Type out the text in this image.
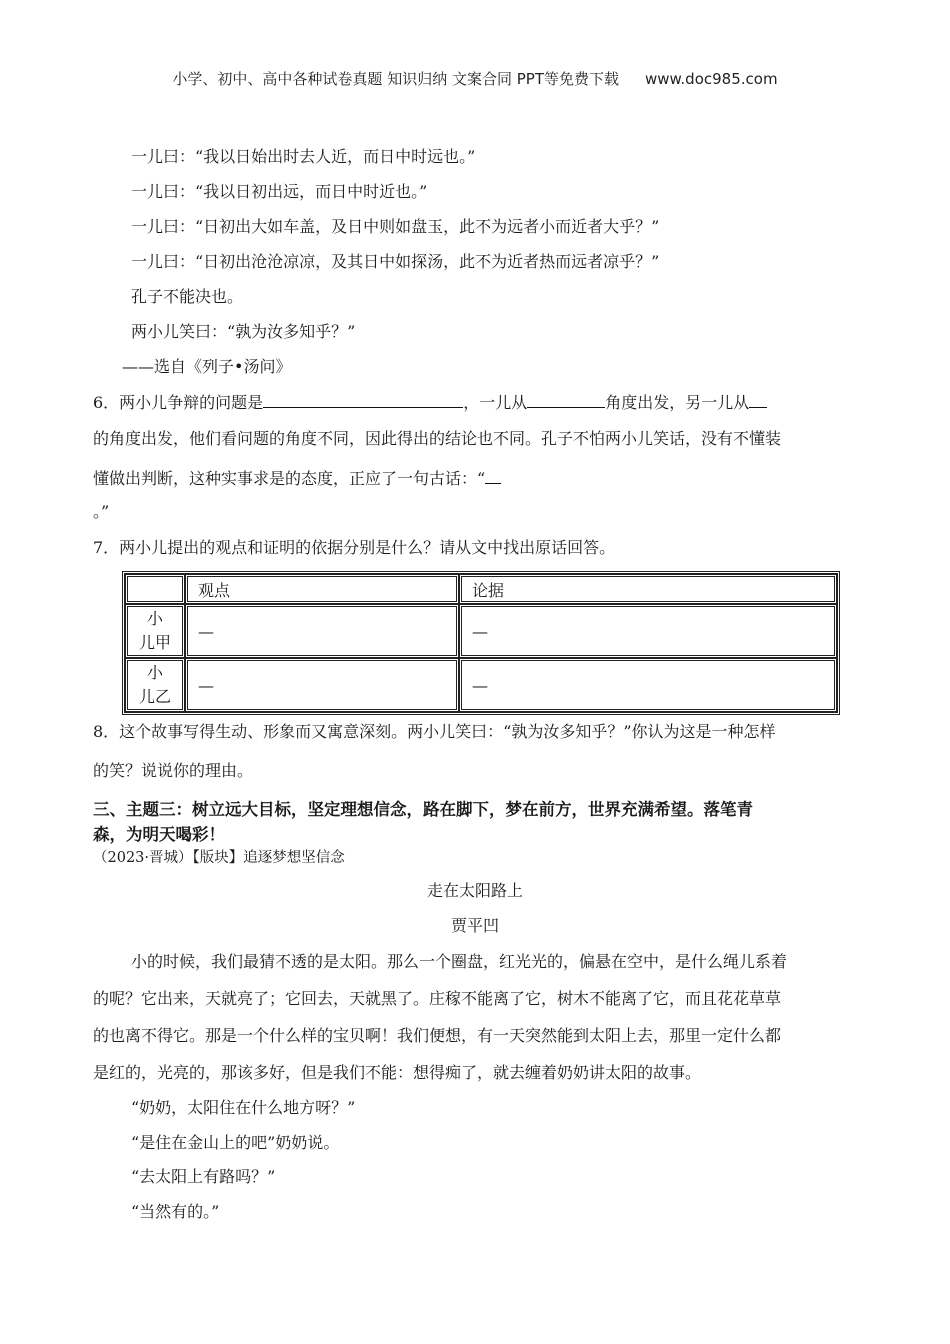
小学、初中、高中各种试卷真题 知识归纳 文案合同 PPT等免费下载 www.doc985.com
一儿曰：“我以日始出时去人近，而日中时远也。”
一儿曰：“我以日初出远，而日中时近也。”
一儿曰：“日初出大如车盖，及日中则如盘玉，此不为远者小而近者大乎？”
一儿曰：“日初出沧沧凉凉，及其日中如探汤，此不为近者热而远者凉乎？”
孔子不能决也。
两小儿笑曰：“孰为汝多知乎？”
——选自《列子•汤问》
6．两小儿争辩的问题是	，一儿从	角度出发，另一儿从
的角度出发，他们看问题的角度不同，因此得出的结论也不同。孔子不怕两小儿笑话，没有不懂装
懂做出判断，这种实事求是的态度，正应了一句古话：“
。”
7．两小儿提出的观点和证明的依据分别是什么？请从文中找出原话回答。
	观点	论据
小
儿甲	—	—
小
儿乙	—	—
8．这个故事写得生动、形象而又寓意深刻。两小儿笑曰：“孰为汝多知乎？”你认为这是一种怎样
的笑？说说你的理由。
三、主题三：树立远大目标，坚定理想信念，路在脚下，梦在前方，世界充满希望。落笔青
森，为明天喝彩！
（2023·晋城）【版块】追逐梦想坚信念
走在太阳路上
贾平凹
小的时候，我们最猜不透的是太阳。那么一个圈盘，红光光的，偏悬在空中，是什么绳儿系着
的呢？它出来，天就亮了；它回去，天就黑了。庄稼不能离了它，树木不能离了它，而且花花草草
的也离不得它。那是一个什么样的宝贝啊！我们便想，有一天突然能到太阳上去，那里一定什么都
是红的，光亮的，那该多好，但是我们不能：想得痴了，就去缠着奶奶讲太阳的故事。
“奶奶，太阳住在什么地方呀？”
“是住在金山上的吧”奶奶说。
“去太阳上有路吗？”
“当然有的。”
